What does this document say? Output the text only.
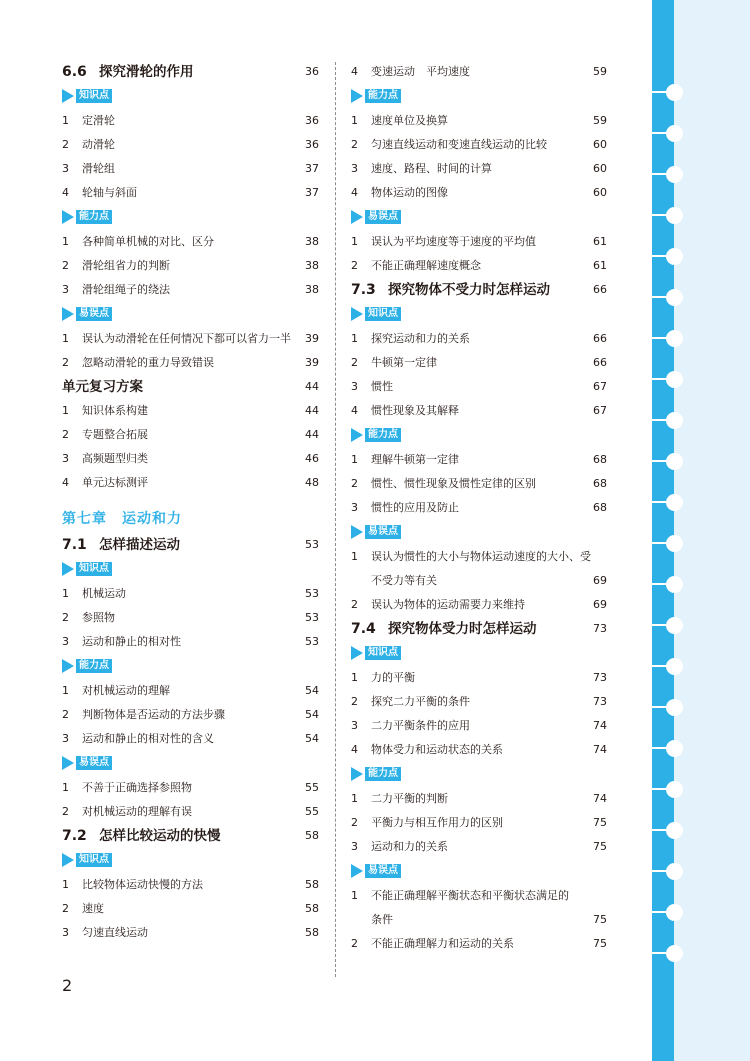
6.6 探究滑轮的作用	36
知识点
1 定滑轮	36
2 动滑轮	36
3 滑轮组	37
4 轮轴与斜面	37
能力点
1 各种简单机械的对比、区分	38
2 滑轮组省力的判断	38
3 滑轮组绳子的绕法	38
易误点
1 误认为动滑轮在任何情况下都可以省力一半 39
2 忽略动滑轮的重力导致错误	39
单元复习方案	44
1 知识体系构建	44
2 专题整合拓展	44
3 高频题型归类	46
4 单元达标测评	48
第七章　运动和力
7.1 怎样描述运动	53
知识点
1 机械运动	53
2 参照物	53
3 运动和静止的相对性	53
能力点
1 对机械运动的理解	54
2 判断物体是否运动的方法步骤	54
3 运动和静止的相对性的含义	54
易误点
1 不善于正确选择参照物	55
2 对机械运动的理解有误	55
7.2 怎样比较运动的快慢	58
知识点
1 比较物体运动快慢的方法	58
2 速度	58
3 匀速直线运动	58
4 变速运动　平均速度	59
能力点
1 速度单位及换算	59
2 匀速直线运动和变速直线运动的比较	60
3 速度、路程、时间的计算	60
4 物体运动的图像	60
易误点
1 误认为平均速度等于速度的平均值	61
2 不能正确理解速度概念	61
7.3 探究物体不受力时怎样运动	66
知识点
1 探究运动和力的关系	66
2 牛顿第一定律	66
3 惯性	67
4 惯性现象及其解释	67
能力点
1 理解牛顿第一定律	68
2 惯性、惯性现象及惯性定律的区别	68
3 惯性的应用及防止	68
易误点
1 误认为惯性的大小与物体运动速度的大小、受
不受力等有关	69
2 误认为物体的运动需要力来维持	69
7.4 探究物体受力时怎样运动	73
知识点
1 力的平衡	73
2 探究二力平衡的条件	73
3 二力平衡条件的应用	74
4 物体受力和运动状态的关系	74
能力点
1 二力平衡的判断	74
2 平衡力与相互作用力的区别	75
3 运动和力的关系	75
易误点
1 不能正确理解平衡状态和平衡状态满足的
条件	75
2 不能正确理解力和运动的关系	75
2
